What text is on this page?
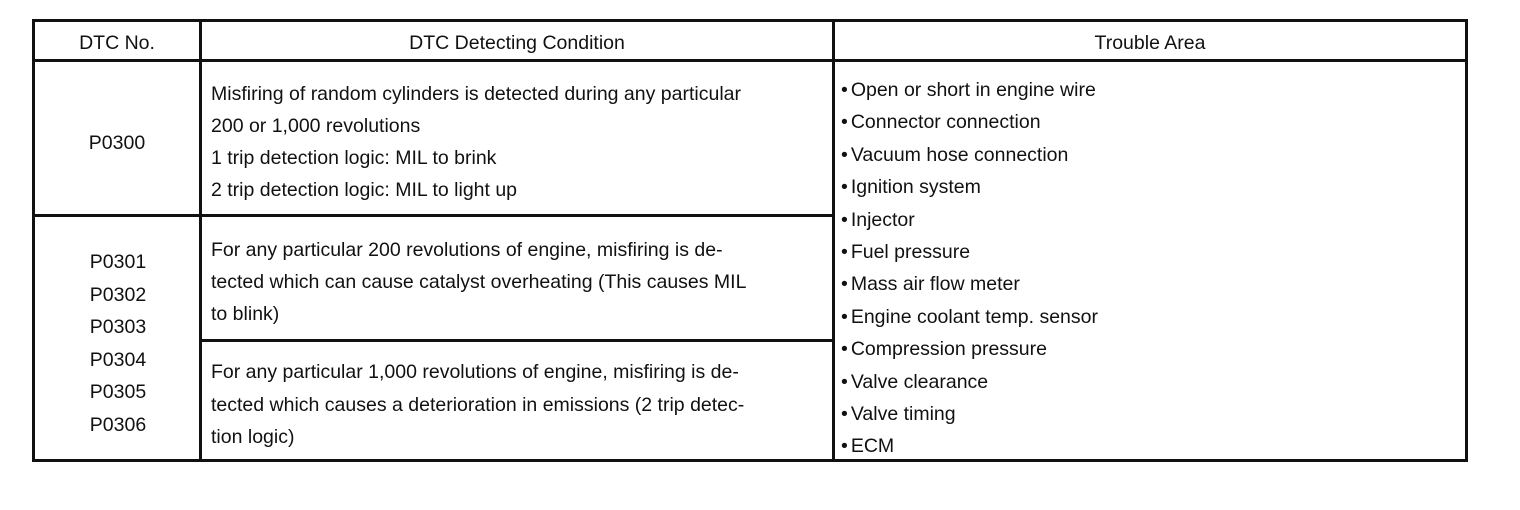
DTC No.	DTC Detecting Condition	Trouble Area
P0300
Misfiring of random cylinders is detected during any particular
200 or 1,000 revolutions
1 trip detection logic: MIL to brink
2 trip detection logic: MIL to light up
P0301
P0302
P0303
P0304
P0305
P0306
For any particular 200 revolutions of engine, misfiring is de-
tected which can cause catalyst overheating (This causes MIL
to blink)
For any particular 1,000 revolutions of engine, misfiring is de-
tected which causes a deterioration in emissions (2 trip detec-
tion logic)
• Open or short in engine wire
• Connector connection
• Vacuum hose connection
• Ignition system
• Injector
• Fuel pressure
• Mass air flow meter
• Engine coolant temp. sensor
• Compression pressure
• Valve clearance
• Valve timing
• ECM
